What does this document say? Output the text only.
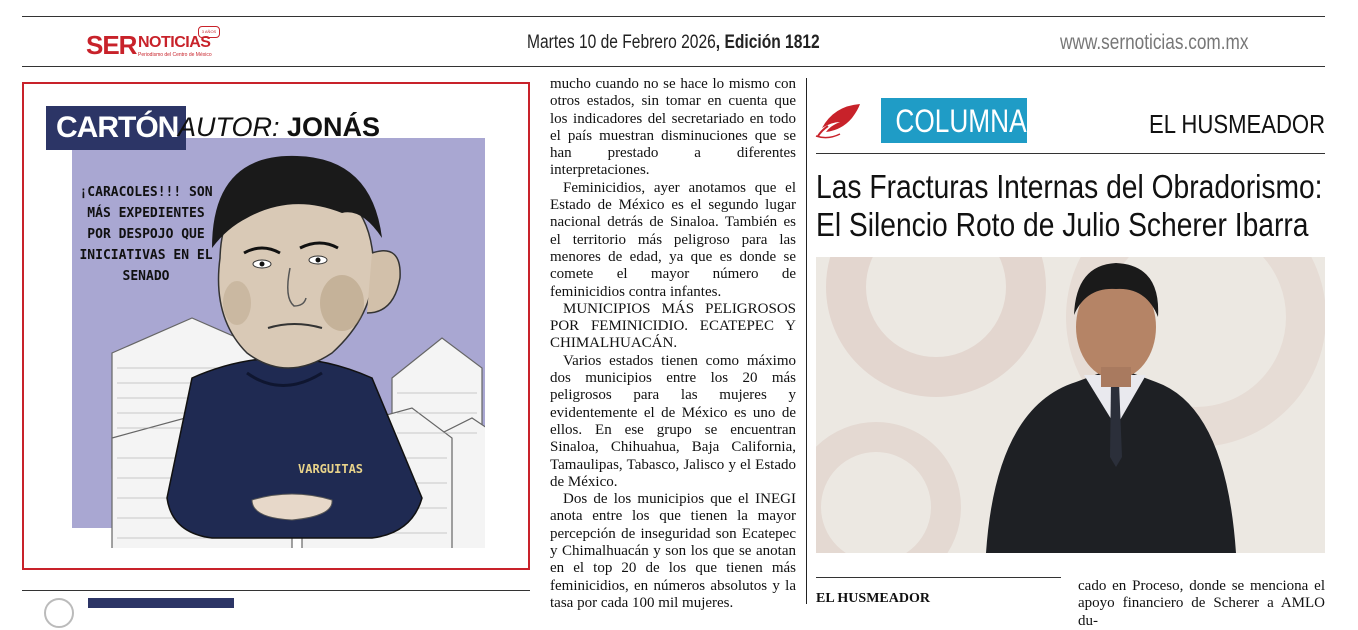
SER NOTICIAS
Periodismo del Centro de México
3 AÑOS
Martes 10 de Febrero 2026, Edición 1812	www.sernoticias.com.mx
VARGUITAS
CARTÓN AUTOR: JONÁS
¡CARACOLES!!! SON MÁS EXPEDIENTES POR DESPOJO QUE INICIATIVAS EN EL SENADO

mucho cuando no se hace lo mismo con otros estados, sin tomar en cuenta que los indicadores del secretariado en todo el país muestran disminuciones que se han prestado a diferentes interpretaciones.

Feminicidios, ayer anotamos que el Estado de México es el segundo lugar nacional detrás de Sinaloa. También es el territorio más peligroso para las menores de edad, ya que es donde se comete el mayor número de feminicidios contra infantes.

MUNICIPIOS MÁS PELIGROSOS POR FEMINICIDIO. ECATEPEC Y CHIMALHUACÁN.

Varios estados tienen como máximo dos municipios entre los 20 más peligrosos para las mujeres y evidentemente el de México es uno de ellos. En ese grupo se encuentran Sinaloa, Chihuahua, Baja California, Tamaulipas, Tabasco, Jalisco y el Estado de México.

Dos de los municipios que el INEGI anota entre los que tienen la mayor percepción de inseguridad son Ecatepec y Chimalhuacán y son los que se anotan en el top 20 de los que tienen más feminicidios, en números absolutos y la tasa por cada 100 mil mujeres.

COLUMNA	EL HUSMEADOR
Las Fracturas Internas del Obradorismo:
El Silencio Roto de Julio Scherer Ibarra
EL HUSMEADOR
cado en Proceso, donde se menciona el apoyo financiero de Scherer a AMLO du-
